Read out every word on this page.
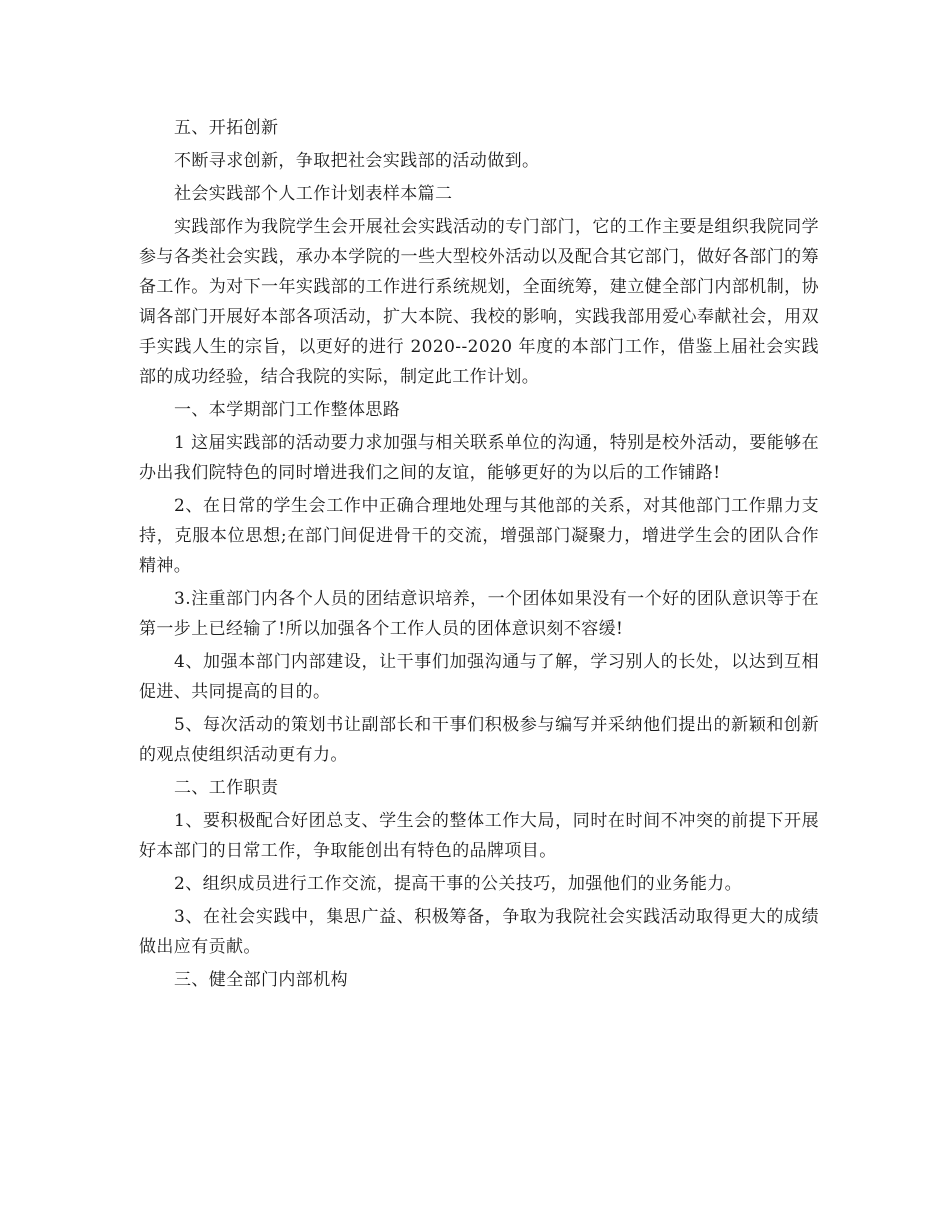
五、开拓创新

不断寻求创新，争取把社会实践部的活动做到。

社会实践部个人工作计划表样本篇二

实践部作为我院学生会开展社会实践活动的专门部门，它的工作主要是组织我院同学参与各类社会实践，承办本学院的一些大型校外活动以及配合其它部门，做好各部门的筹备工作。为对下一年实践部的工作进行系统规划，全面统筹，建立健全部门内部机制，协调各部门开展好本部各项活动，扩大本院、我校的影响，实践我部用爱心奉献社会，用双手实践人生的宗旨，以更好的进行 2020--2020 年度的本部门工作，借鉴上届社会实践部的成功经验，结合我院的实际，制定此工作计划。

一、本学期部门工作整体思路

1 这届实践部的活动要力求加强与相关联系单位的沟通，特别是校外活动，要能够在办出我们院特色的同时增进我们之间的友谊，能够更好的为以后的工作铺路!

2、在日常的学生会工作中正确合理地处理与其他部的关系，对其他部门工作鼎力支持，克服本位思想;在部门间促进骨干的交流，增强部门凝聚力，增进学生会的团队合作精神。

3.注重部门内各个人员的团结意识培养，一个团体如果没有一个好的团队意识等于在第一步上已经输了!所以加强各个工作人员的团体意识刻不容缓!

4、加强本部门内部建设，让干事们加强沟通与了解，学习别人的长处，以达到互相促进、共同提高的目的。

5、每次活动的策划书让副部长和干事们积极参与编写并采纳他们提出的新颖和创新的观点使组织活动更有力。

二、工作职责

1、要积极配合好团总支、学生会的整体工作大局，同时在时间不冲突的前提下开展好本部门的日常工作，争取能创出有特色的品牌项目。

2、组织成员进行工作交流，提高干事的公关技巧，加强他们的业务能力。

3、在社会实践中，集思广益、积极筹备，争取为我院社会实践活动取得更大的成绩做出应有贡献。

三、健全部门内部机构
